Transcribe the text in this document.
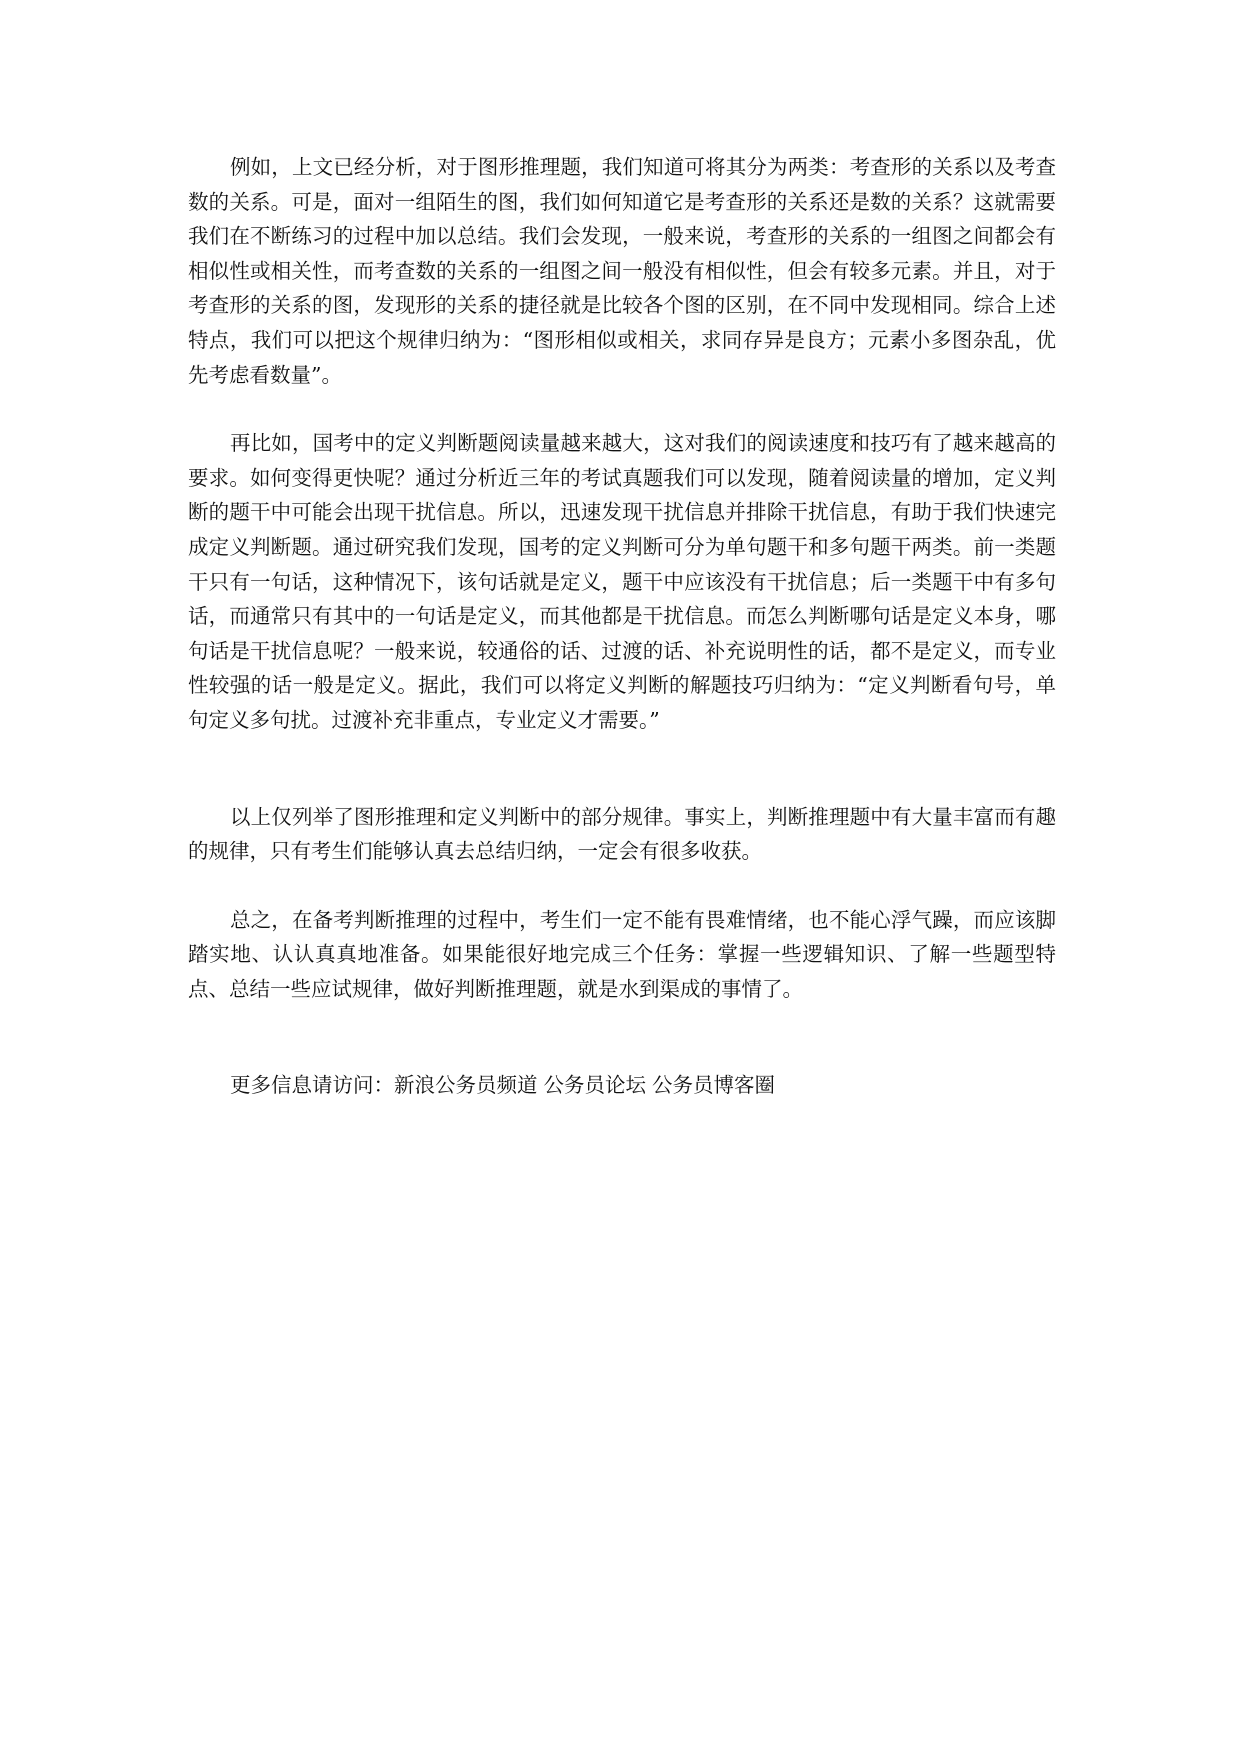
例如，上文已经分析，对于图形推理题，我们知道可将其分为两类：考查形的关系以及考查数的关系。可是，面对一组陌生的图，我们如何知道它是考查形的关系还是数的关系？这就需要我们在不断练习的过程中加以总结。我们会发现，一般来说，考查形的关系的一组图之间都会有相似性或相关性，而考查数的关系的一组图之间一般没有相似性，但会有较多元素。并且，对于考查形的关系的图，发现形的关系的捷径就是比较各个图的区别，在不同中发现相同。综合上述特点，我们可以把这个规律归纳为：“图形相似或相关，求同存异是良方；元素小多图杂乱，优先考虑看数量”。

再比如，国考中的定义判断题阅读量越来越大，这对我们的阅读速度和技巧有了越来越高的要求。如何变得更快呢？通过分析近三年的考试真题我们可以发现，随着阅读量的增加，定义判断的题干中可能会出现干扰信息。所以，迅速发现干扰信息并排除干扰信息，有助于我们快速完成定义判断题。通过研究我们发现，国考的定义判断可分为单句题干和多句题干两类。前一类题干只有一句话，这种情况下，该句话就是定义，题干中应该没有干扰信息；后一类题干中有多句话，而通常只有其中的一句话是定义，而其他都是干扰信息。而怎么判断哪句话是定义本身，哪句话是干扰信息呢？一般来说，较通俗的话、过渡的话、补充说明性的话，都不是定义，而专业性较强的话一般是定义。据此，我们可以将定义判断的解题技巧归纳为：“定义判断看句号，单句定义多句扰。过渡补充非重点，专业定义才需要。”

以上仅列举了图形推理和定义判断中的部分规律。事实上，判断推理题中有大量丰富而有趣的规律，只有考生们能够认真去总结归纳，一定会有很多收获。

总之，在备考判断推理的过程中，考生们一定不能有畏难情绪，也不能心浮气躁，而应该脚踏实地、认认真真地准备。如果能很好地完成三个任务：掌握一些逻辑知识、了解一些题型特点、总结一些应试规律，做好判断推理题，就是水到渠成的事情了。

更多信息请访问：新浪公务员频道 公务员论坛 公务员博客圈
